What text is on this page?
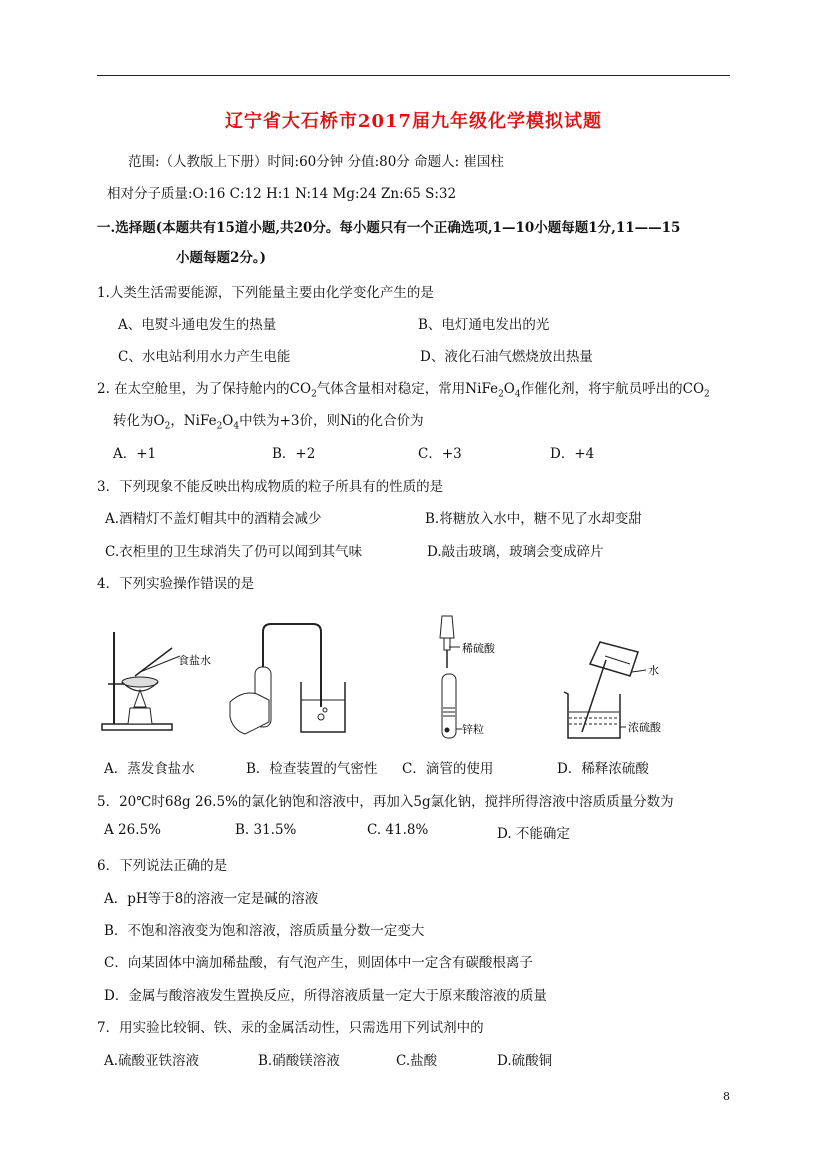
辽宁省大石桥市2017届九年级化学模拟试题
范围:（人教版上下册）时间:60分钟 分值:80分 命题人: 崔国柱
相对分子质量:O:16 C:12 H:1 N:14 Mg:24 Zn:65 S:32
一.选择题(本题共有15道小题,共20分。每小题只有一个正确选项,1—10小题每题1分,11——15
小题每题2分。)
1.人类生活需要能源，下列能量主要由化学变化产生的是
A、电熨斗通电发生的热量	B、电灯通电发出的光
C、水电站利用水力产生电能	D、液化石油气燃烧放出热量
2. 在太空舱里，为了保持舱内的$CO_2$气体含量相对稳定，常用$NiFe_2O_4$作催化剂，将宇航员呼出的$CO_2$
转化为$O_2$，$NiFe_2O_4$中铁为+3价，则Ni的化合价为
A．+1	B．+2	C．+3	D．+4
3．下列现象不能反映出构成物质的粒子所具有的性质的是
A.酒精灯不盖灯帽其中的酒精会减少	B.将糖放入水中，糖不见了水却变甜
C.衣柜里的卫生球消失了仍可以闻到其气味	D.敲击玻璃，玻璃会变成碎片
4．下列实验操作错误的是
食盐水
稀硫酸
锌粒
水
浓硫酸
A．蒸发食盐水	B．检查装置的气密性 C．滴管的使用	D．稀释浓硫酸
5．20℃时68g 26.5%的氯化钠饱和溶液中，再加入5g氯化钠，搅拌所得溶液中溶质质量分数为
A 26.5%	B. 31.5%	C. 41.8%	D. 不能确定
6．下列说法正确的是
A．pH等于8的溶液一定是碱的溶液
B．不饱和溶液变为饱和溶液，溶质质量分数一定变大
C．向某固体中滴加稀盐酸，有气泡产生，则固体中一定含有碳酸根离子
D．金属与酸溶液发生置换反应，所得溶液质量一定大于原来酸溶液的质量
7．用实验比较铜、铁、汞的金属活动性，只需选用下列试剂中的
A.硫酸亚铁溶液	B.硝酸镁溶液	C.盐酸	D.硫酸铜
8
